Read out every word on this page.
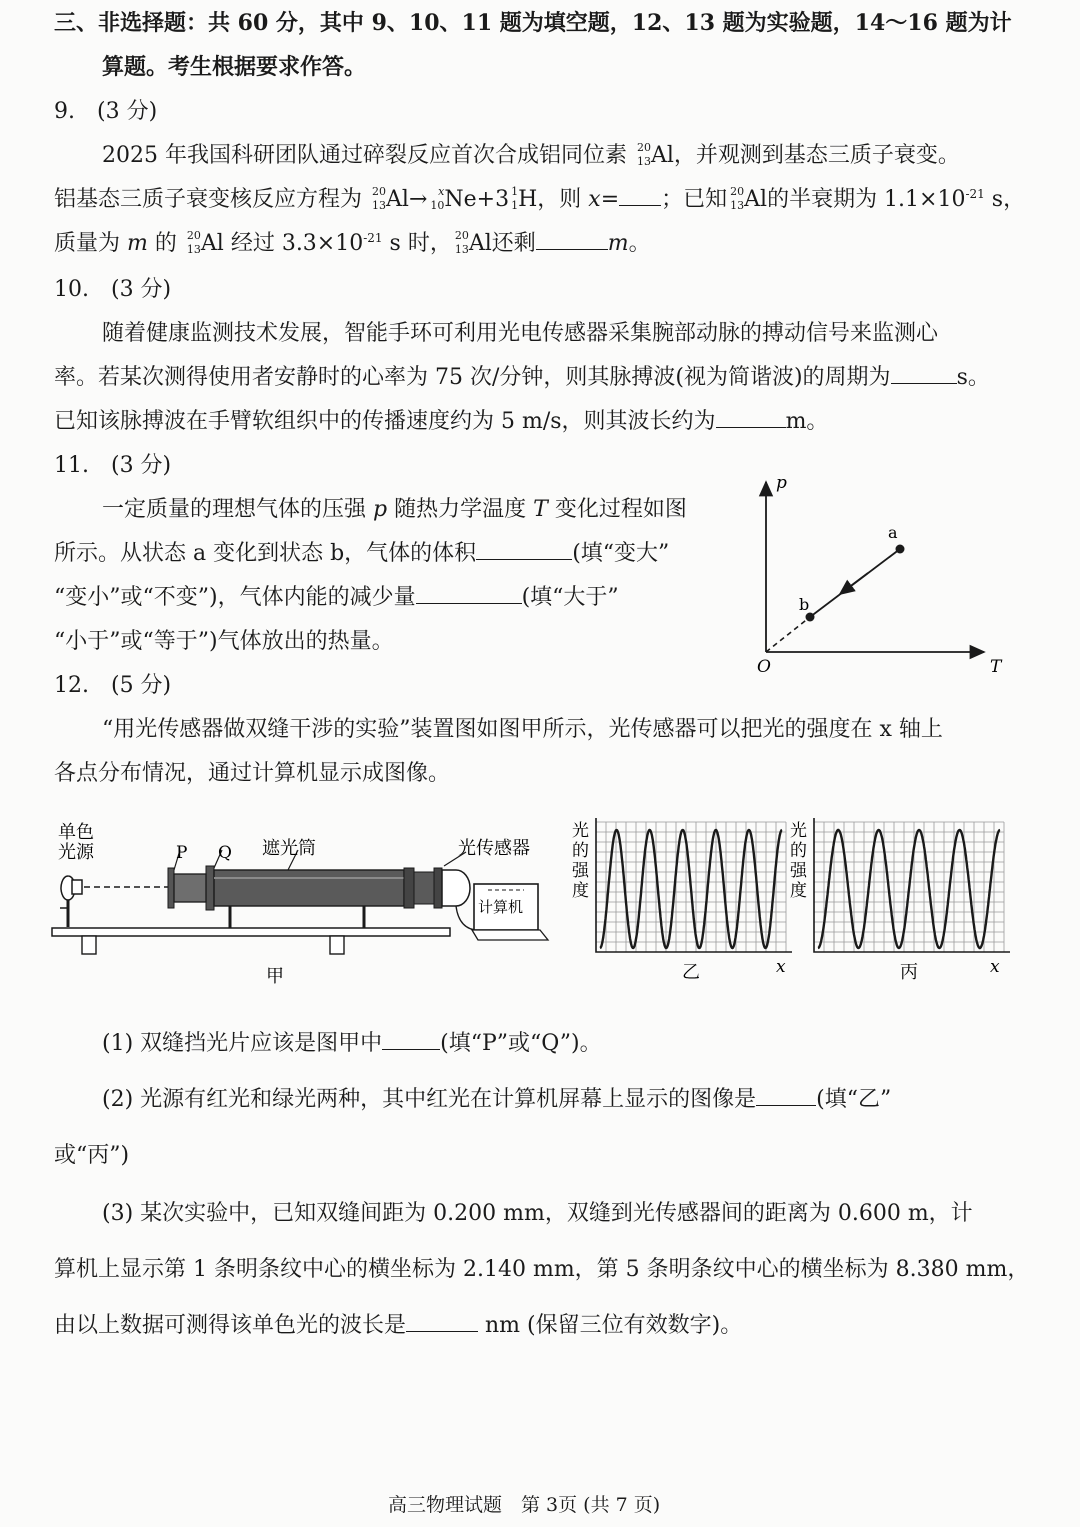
三、非选择题：共 60 分，其中 9、10、11 题为填空题，12、13 题为实验题，14～16 题为计
算题。考生根据要求作答。
9.　(3 分)
2025 年我国科研团队通过碎裂反应首次合成铝同位素 20
13 Al，并观测到基态三质子衰变。
铝基态三质子衰变核反应方程为 20
13 Al→ x
10 Ne+3 1
1 H，则 x= ；已知 20
13 Al的半衰期为 $1.1\times 10^{-21}$ s，
质量为 m 的 20
13 Al 经过 $3.3\times 10^{-21}$ s 时， 20
13 Al还剩	m。
10.　(3 分)
随着健康监测技术发展，智能手环可利用光电传感器采集腕部动脉的搏动信号来监测心
率。若某次测得使用者安静时的心率为 75 次/分钟，则其脉搏波(视为简谐波)的周期为	s。
已知该脉搏波在手臂软组织中的传播速度约为 5 m/s，则其波长约为	m。
11.　(3 分)
一定质量的理想气体的压强 p 随热力学温度 T 变化过程如图
所示。从状态 a 变化到状态 b，气体的体积	(填“变大”
“变小”或“不变”)，气体内能的减少量	(填“大于”
“小于”或“等于”)气体放出的热量。
p
T
O
a
b
12.　(5 分)
“用光传感器做双缝干涉的实验”装置图如图甲所示，光传感器可以把光的强度在 x 轴上
各点分布情况，通过计算机显示成图像。
单色
光源	P Q 遮光筒	光传感器
计算机
甲
光
的
强
度
x
乙
光
的
强
度
x
丙
(1) 双缝挡光片应该是图甲中	(填“P”或“Q”)。
(2) 光源有红光和绿光两种，其中红光在计算机屏幕上显示的图像是	(填“乙”
或“丙”)
(3) 某次实验中，已知双缝间距为 0.200 mm，双缝到光传感器间的距离为 0.600 m，计
算机上显示第 1 条明条纹中心的横坐标为 2.140 mm，第 5 条明条纹中心的横坐标为 8.380 mm，
由以上数据可测得该单色光的波长是	nm (保留三位有效数字)。
高三物理试题　第 3页 (共 7 页)
